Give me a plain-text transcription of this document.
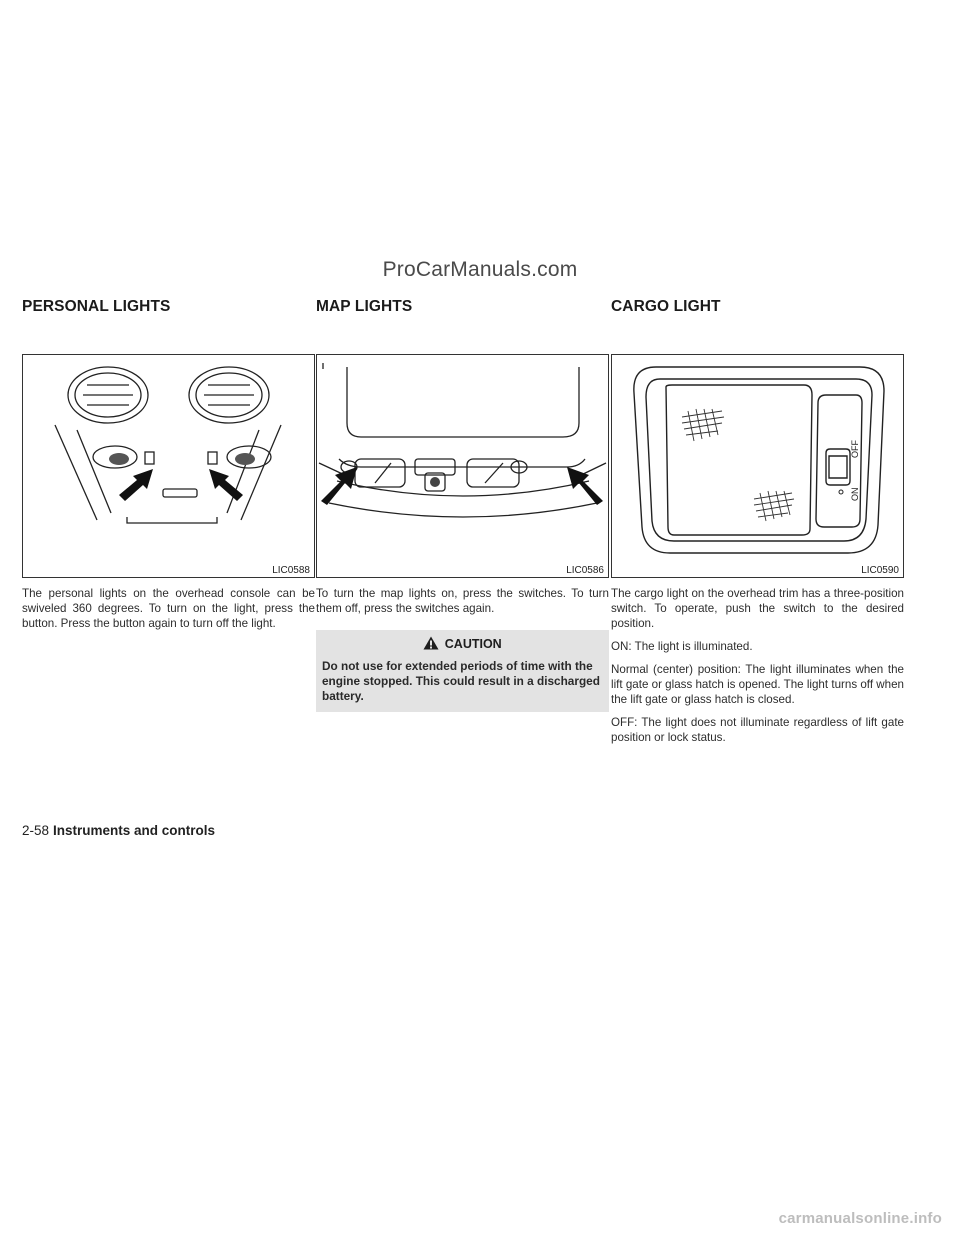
ProCarManuals.com
PERSONAL LIGHTS
LIC0588

The personal lights on the overhead console can be swiveled 360 degrees. To turn on the light, press the button. Press the button again to turn off the light.

MAP LIGHTS
LIC0586

To turn the map lights on, press the switches. To turn them off, press the switches again.

CAUTION
Do not use for extended periods of time with the engine stopped. This could result in a discharged battery.
CARGO LIGHT
OFF
ON
LIC0590

The cargo light on the overhead trim has a three-position switch. To operate, push the switch to the desired position.

ON: The light is illuminated.

Normal (center) position: The light illuminates when the lift gate or glass hatch is opened. The light turns off when the lift gate or glass hatch is closed.

OFF: The light does not illuminate regardless of lift gate position or lock status.

2-58 Instruments and controls
carmanualsonline.info
